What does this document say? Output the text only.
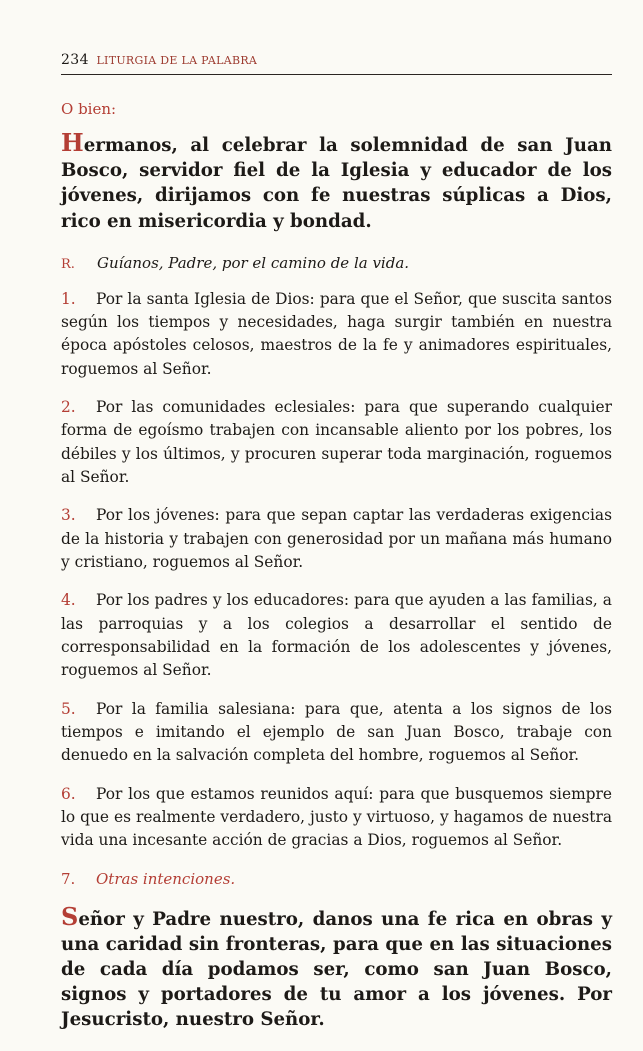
234 LITURGIA DE LA PALABRA
O bien:

Hermanos, al celebrar la solemnidad de san Juan Bosco, servidor fiel de la Iglesia y educador de los jóvenes, dirijamos con fe nuestras súplicas a Dios, rico en misericordia y bondad.

R. Guíanos, Padre, por el camino de la vida.

1. Por la santa Iglesia de Dios: para que el Señor, que suscita santos según los tiempos y necesidades, haga surgir también en nuestra época apóstoles celosos, maestros de la fe y animadores espirituales, roguemos al Señor.

2. Por las comunidades eclesiales: para que superando cualquier forma de egoísmo trabajen con incansable aliento por los pobres, los débiles y los últimos, y procuren superar toda marginación, roguemos al Señor.

3. Por los jóvenes: para que sepan captar las verdaderas exigencias de la historia y trabajen con generosidad por un mañana más humano y cristiano, roguemos al Señor.

4. Por los padres y los educadores: para que ayuden a las familias, a las parroquias y a los colegios a desarrollar el sentido de corresponsabilidad en la formación de los adolescentes y jóvenes, roguemos al Señor.

5. Por la familia salesiana: para que, atenta a los signos de los tiempos e imitando el ejemplo de san Juan Bosco, trabaje con denuedo en la salvación completa del hombre, roguemos al Señor.

6. Por los que estamos reunidos aquí: para que busquemos siempre lo que es realmente verdadero, justo y virtuoso, y hagamos de nuestra vida una incesante acción de gracias a Dios, roguemos al Señor.

7. Otras intenciones.

Señor y Padre nuestro, danos una fe rica en obras y una caridad sin fronteras, para que en las situaciones de cada día podamos ser, como san Juan Bosco, signos y portadores de tu amor a los jóvenes. Por Jesucristo, nuestro Señor.
